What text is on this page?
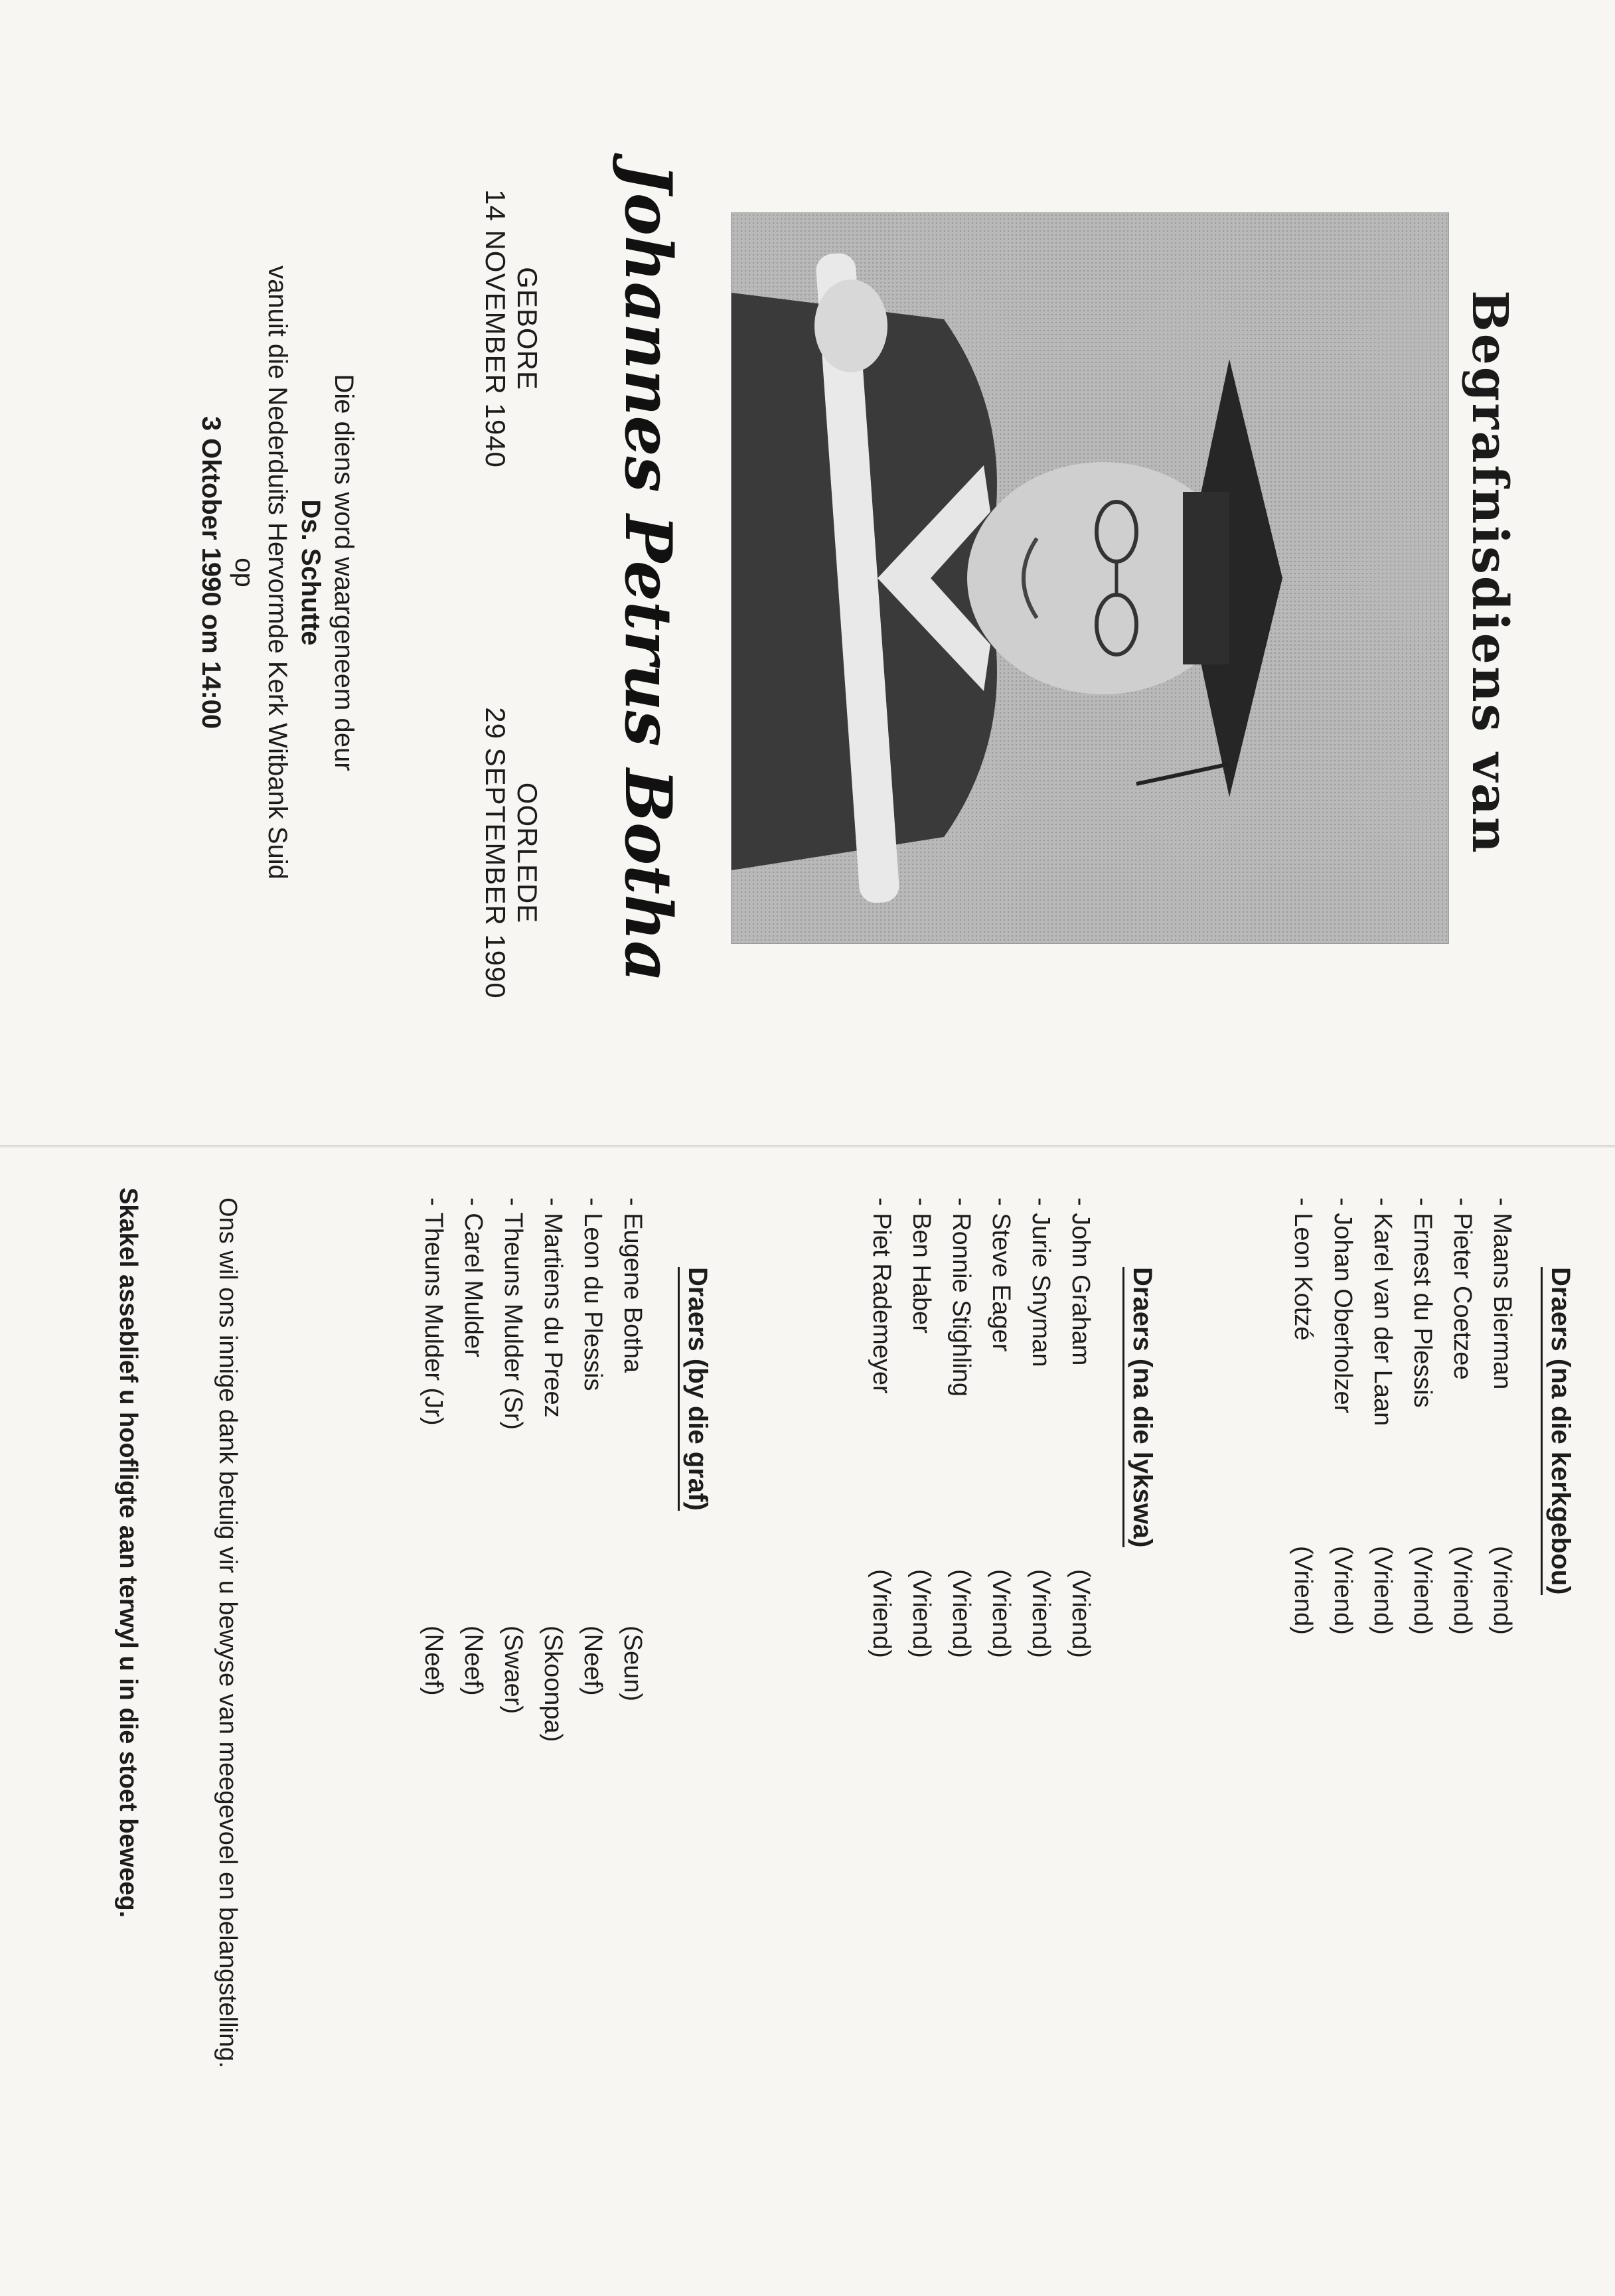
Begrafnisdiens van
Johannes Petrus Botha
GEBORE
14 NOVEMBER 1940
OORLEDE
29 SEPTEMBER 1990
Die diens word waargeneem deur
Ds. Schutte
vanuit die Nederduits Hervormde Kerk Witbank Suid
op
3 Oktober 1990 om 14:00
Draers (na die kerkgebou)
- Maans Bierman
(Vriend)
- Pieter Coetzee
(Vriend)
- Ernest du Plessis
(Vriend)
- Karel van der Laan
(Vriend)
- Johan Oberholzer
(Vriend)
- Leon Kotzé
(Vriend)
Draers (na die lykswa)
- John Graham
(Vriend)
- Jurie Snyman
(Vriend)
- Steve Eager
(Vriend)
- Ronnie Stighling
(Vriend)
- Ben Haber
(Vriend)
- Piet Rademeyer
(Vriend)
Draers (by die graf)
- Eugene Botha
(Seun)
- Leon du Plessis
(Neef)
- Martiens du Preez
(Skoonpa)
- Theuns Mulder (Sr)
(Swaer)
- Carel Mulder
(Neef)
- Theuns Mulder (Jr)
(Neef)
Ons wil ons innige dank betuig vir u bewyse van meegevoel en belangstelling.
Skakel asseblief u hoofligte aan terwyl u in die stoet beweeg.
